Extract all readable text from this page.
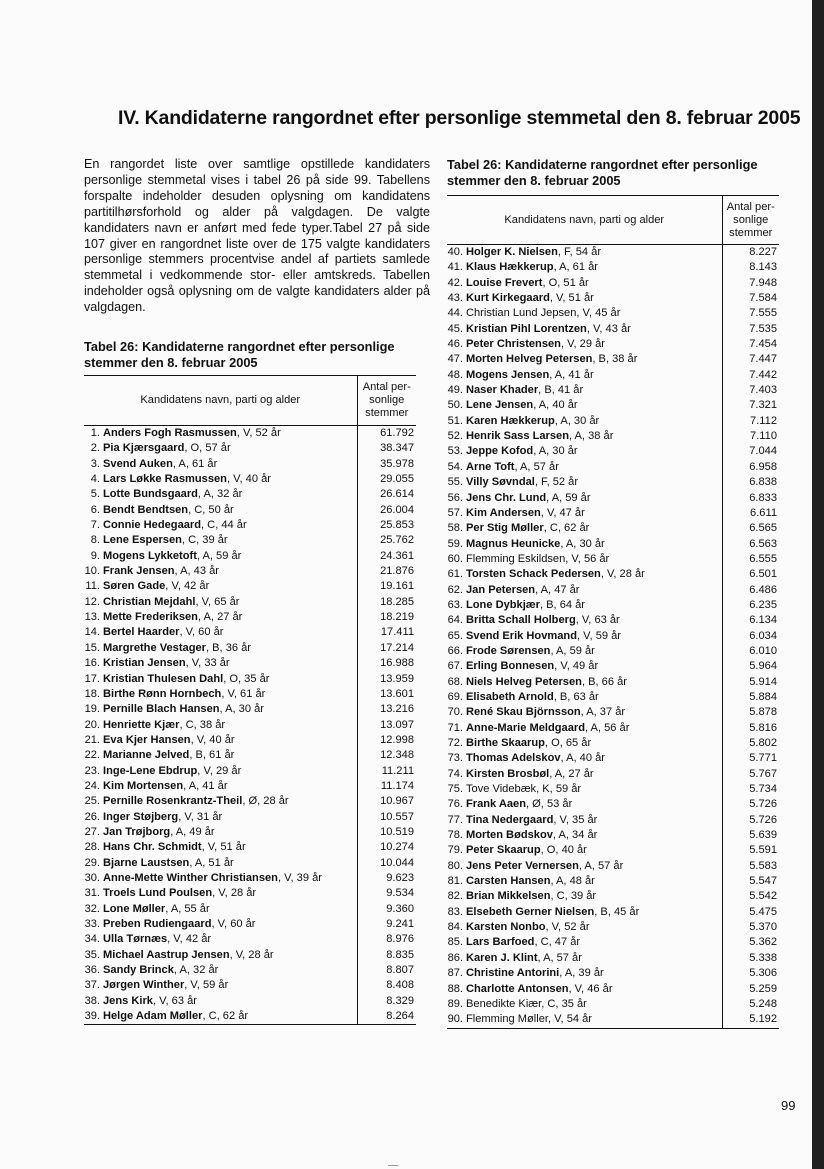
IV. Kandidaterne rangordnet efter personlige stemmetal den 8. februar 2005

En rangordet liste over samtlige opstillede kandidaters personlige stemmetal vises i tabel 26 på side 99. Tabellens forspalte indeholder desuden oplysning om kandidatens partitilhørsforhold og alder på valgdagen. De valgte kandidaters navn er anført med fede typer.Tabel 27 på side 107 giver en rangordnet liste over de 175 valgte kandidaters personlige stemmers procentvise andel af partiets samlede stemmetal i vedkommende stor- eller amtskreds. Tabellen indeholder også oplysning om de valgte kandidaters alder på valgdagen.

Tabel 26: Kandidaterne rangordnet efter personlige stemmer den 8. februar 2005

Kandidatens navn, parti og alder	Antal per-sonlige stemmer
1. Anders Fogh Rasmussen, V, 52 år	61.792
2. Pia Kjærsgaard, O, 57 år	38.347
3. Svend Auken, A, 61 år	35.978
4. Lars Løkke Rasmussen, V, 40 år	29.055
5. Lotte Bundsgaard, A, 32 år	26.614
6. Bendt Bendtsen, C, 50 år	26.004
7. Connie Hedegaard, C, 44 år	25.853
8. Lene Espersen, C, 39 år	25.762
9. Mogens Lykketoft, A, 59 år	24.361
10. Frank Jensen, A, 43 år	21.876
11. Søren Gade, V, 42 år	19.161
12. Christian Mejdahl, V, 65 år	18.285
13. Mette Frederiksen, A, 27 år	18.219
14. Bertel Haarder, V, 60 år	17.411
15. Margrethe Vestager, B, 36 år	17.214
16. Kristian Jensen, V, 33 år	16.988
17. Kristian Thulesen Dahl, O, 35 år	13.959
18. Birthe Rønn Hornbech, V, 61 år	13.601
19. Pernille Blach Hansen, A, 30 år	13.216
20. Henriette Kjær, C, 38 år	13.097
21. Eva Kjer Hansen, V, 40 år	12.998
22. Marianne Jelved, B, 61 år	12.348
23. Inge-Lene Ebdrup, V, 29 år	11.211
24. Kim Mortensen, A, 41 år	11.174
25. Pernille Rosenkrantz-Theil, Ø, 28 år	10.967
26. Inger Støjberg, V, 31 år	10.557
27. Jan Trøjborg, A, 49 år	10.519
28. Hans Chr. Schmidt, V, 51 år	10.274
29. Bjarne Laustsen, A, 51 år	10.044
30. Anne-Mette Winther Christiansen, V, 39 år	9.623
31. Troels Lund Poulsen, V, 28 år	9.534
32. Lone Møller, A, 55 år	9.360
33. Preben Rudiengaard, V, 60 år	9.241
34. Ulla Tørnæs, V, 42 år	8.976
35. Michael Aastrup Jensen, V, 28 år	8.835
36. Sandy Brinck, A, 32 år	8.807
37. Jørgen Winther, V, 59 år	8.408
38. Jens Kirk, V, 63 år	8.329
39. Helge Adam Møller, C, 62 år	8.264

Tabel 26: Kandidaterne rangordnet efter personlige stemmer den 8. februar 2005

Kandidatens navn, parti og alder	Antal per-sonlige stemmer
40. Holger K. Nielsen, F, 54 år	8.227
41. Klaus Hækkerup, A, 61 år	8.143
42. Louise Frevert, O, 51 år	7.948
43. Kurt Kirkegaard, V, 51 år	7.584
44. Christian Lund Jepsen, V, 45 år	7.555
45. Kristian Pihl Lorentzen, V, 43 år	7.535
46. Peter Christensen, V, 29 år	7.454
47. Morten Helveg Petersen, B, 38 år	7.447
48. Mogens Jensen, A, 41 år	7.442
49. Naser Khader, B, 41 år	7.403
50. Lene Jensen, A, 40 år	7.321
51. Karen Hækkerup, A, 30 år	7.112
52. Henrik Sass Larsen, A, 38 år	7.110
53. Jeppe Kofod, A, 30 år	7.044
54. Arne Toft, A, 57 år	6.958
55. Villy Søvndal, F, 52 år	6.838
56. Jens Chr. Lund, A, 59 år	6.833
57. Kim Andersen, V, 47 år	6.611
58. Per Stig Møller, C, 62 år	6.565
59. Magnus Heunicke, A, 30 år	6.563
60. Flemming Eskildsen, V, 56 år	6.555
61. Torsten Schack Pedersen, V, 28 år	6.501
62. Jan Petersen, A, 47 år	6.486
63. Lone Dybkjær, B, 64 år	6.235
64. Britta Schall Holberg, V, 63 år	6.134
65. Svend Erik Hovmand, V, 59 år	6.034
66. Frode Sørensen, A, 59 år	6.010
67. Erling Bonnesen, V, 49 år	5.964
68. Niels Helveg Petersen, B, 66 år	5.914
69. Elisabeth Arnold, B, 63 år	5.884
70. René Skau Björnsson, A, 37 år	5.878
71. Anne-Marie Meldgaard, A, 56 år	5.816
72. Birthe Skaarup, O, 65 år	5.802
73. Thomas Adelskov, A, 40 år	5.771
74. Kirsten Brosbøl, A, 27 år	5.767
75. Tove Videbæk, K, 59 år	5.734
76. Frank Aaen, Ø, 53 år	5.726
77. Tina Nedergaard, V, 35 år	5.726
78. Morten Bødskov, A, 34 år	5.639
79. Peter Skaarup, O, 40 år	5.591
80. Jens Peter Vernersen, A, 57 år	5.583
81. Carsten Hansen, A, 48 år	5.547
82. Brian Mikkelsen, C, 39 år	5.542
83. Elsebeth Gerner Nielsen, B, 45 år	5.475
84. Karsten Nonbo, V, 52 år	5.370
85. Lars Barfoed, C, 47 år	5.362
86. Karen J. Klint, A, 57 år	5.338
87. Christine Antorini, A, 39 år	5.306
88. Charlotte Antonsen, V, 46 år	5.259
89. Benedikte Kiær, C, 35 år	5.248
90. Flemming Møller, V, 54 år	5.192
99
